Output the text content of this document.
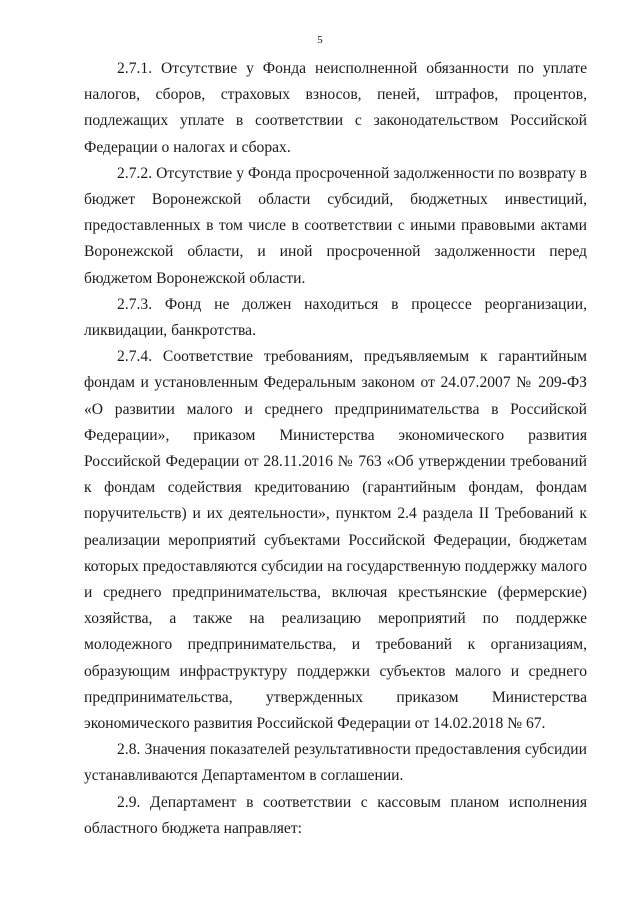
5

2.7.1. Отсутствие у Фонда неисполненной обязанности по уплате налогов, сборов, страховых взносов, пеней, штрафов, процентов, подлежащих уплате в соответствии с законодательством Российской Федерации о налогах и сборах.

2.7.2. Отсутствие у Фонда просроченной задолженности по возврату в бюджет Воронежской области субсидий, бюджетных инвестиций, предоставленных в том числе в соответствии с иными правовыми актами Воронежской области, и иной просроченной задолженности перед бюджетом Воронежской области.

2.7.3. Фонд не должен находиться в процессе реорганизации, ликвидации, банкротства.

2.7.4. Соответствие требованиям, предъявляемым к гарантийным фондам и установленным Федеральным законом от 24.07.2007 № 209-ФЗ «О развитии малого и среднего предпринимательства в Российской Федерации», приказом Министерства экономического развития Российской Федерации от 28.11.2016 № 763 «Об утверждении требований к фондам содействия кредитованию (гарантийным фондам, фондам поручительств) и их деятельности», пунктом 2.4 раздела II Требований к реализации мероприятий субъектами Российской Федерации, бюджетам которых предоставляются субсидии на государственную поддержку малого и среднего предпринимательства, включая крестьянские (фермерские) хозяйства, а также на реализацию мероприятий по поддержке молодежного предпринимательства, и требований к организациям, образующим инфраструктуру поддержки субъектов малого и среднего предпринимательства, утвержденных приказом Министерства экономического развития Российской Федерации от 14.02.2018 № 67.

2.8. Значения показателей результативности предоставления субсидии устанавливаются Департаментом в соглашении.

2.9. Департамент в соответствии с кассовым планом исполнения областного бюджета направляет:
